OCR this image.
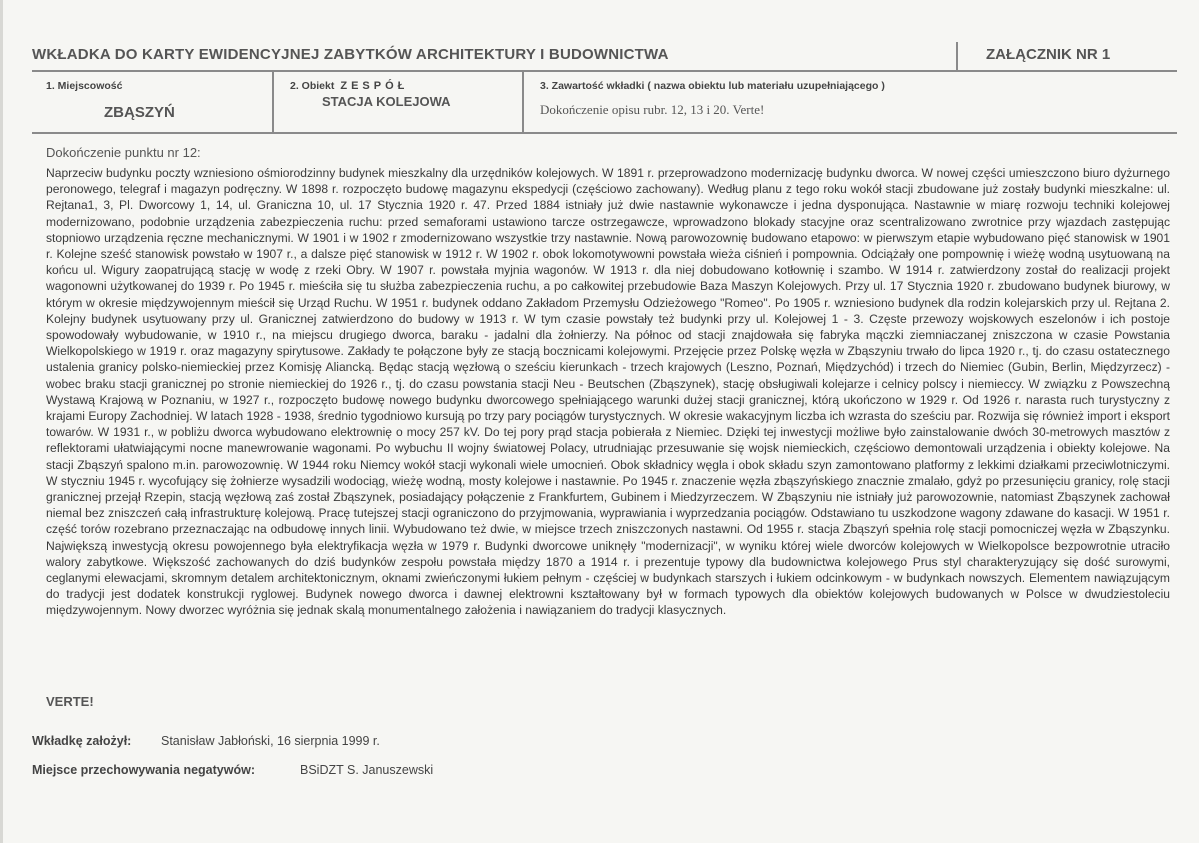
WKŁADKA DO KARTY EWIDENCYJNEJ ZABYTKÓW ARCHITEKTURY I BUDOWNICTWA	ZAŁĄCZNIK NR 1
1. Miejscowość
ZBĄSZYŃ
2. Obiekt ZESPÓŁ
STACJA KOLEJOWA
3. Zawartość wkładki ( nazwa obiektu lub materiału uzupełniającego )
Dokończenie opisu rubr. 12, 13 i 20. Verte!
Dokończenie punktu nr 12:
Naprzeciw budynku poczty wzniesiono ośmiorodzinny budynek mieszkalny dla urzędników kolejowych. W 1891 r. przeprowadzono modernizację budynku dworca. W nowej części umieszczono biuro dyżurnego peronowego, telegraf i magazyn podręczny. W 1898 r. rozpoczęto budowę magazynu ekspedycji (częściowo zachowany). Według planu z tego roku wokół stacji zbudowane już zostały budynki mieszkalne: ul. Rejtana1, 3, Pl. Dworcowy 1, 14, ul. Graniczna 10, ul. 17 Stycznia 1920 r. 47. Przed 1884 istniały już dwie nastawnie wykonawcze i jedna dysponująca. Nastawnie w miarę rozwoju techniki kolejowej modernizowano, podobnie urządzenia zabezpieczenia ruchu: przed semaforami ustawiono tarcze ostrzegawcze, wprowadzono blokady stacyjne oraz scentralizowano zwrotnice przy wjazdach zastępując stopniowo urządzenia ręczne mechanicznymi. W 1901 i w 1902 r zmodernizowano wszystkie trzy nastawnie. Nową parowozownię budowano etapowo: w pierwszym etapie wybudowano pięć stanowisk w 1901 r. Kolejne sześć stanowisk powstało w 1907 r., a dalsze pięć stanowisk w 1912 r. W 1902 r. obok lokomotywowni powstała wieża ciśnień i pompownia. Odciążały one pompownię i wieżę wodną usytuowaną na końcu ul. Wigury zaopatrującą stację w wodę z rzeki Obry. W 1907 r. powstała myjnia wagonów. W 1913 r. dla niej dobudowano kotłownię i szambo. W 1914 r. zatwierdzony został do realizacji projekt wagonowni użytkowanej do 1939 r. Po 1945 r. mieściła się tu służba zabezpieczenia ruchu, a po całkowitej przebudowie Baza Maszyn Kolejowych. Przy ul. 17 Stycznia 1920 r. zbudowano budynek biurowy, w którym w okresie międzywojennym mieścił się Urząd Ruchu. W 1951 r. budynek oddano Zakładom Przemysłu Odzieżowego "Romeo". Po 1905 r. wzniesiono budynek dla rodzin kolejarskich przy ul. Rejtana 2. Kolejny budynek usytuowany przy ul. Granicznej zatwierdzono do budowy w 1913 r. W tym czasie powstały też budynki przy ul. Kolejowej 1 - 3. Częste przewozy wojskowych eszelonów i ich postoje spowodowały wybudowanie, w 1910 r., na miejscu drugiego dworca, baraku - jadalni dla żołnierzy. Na północ od stacji znajdowała się fabryka mączki ziemniaczanej zniszczona w czasie Powstania Wielkopolskiego w 1919 r. oraz magazyny spirytusowe. Zakłady te połączone były ze stacją bocznicami kolejowymi. Przejęcie przez Polskę węzła w Zbąszyniu trwało do lipca 1920 r., tj. do czasu ostatecznego ustalenia granicy polsko-niemieckiej przez Komisję Aliancką. Będąc stacją węzłową o sześciu kierunkach - trzech krajowych (Leszno, Poznań, Międzychód) i trzech do Niemiec (Gubin, Berlin, Międzyrzecz) - wobec braku stacji granicznej po stronie niemieckiej do 1926 r., tj. do czasu powstania stacji Neu - Beutschen (Zbąszynek), stację obsługiwali kolejarze i celnicy polscy i niemieccy. W związku z Powszechną Wystawą Krajową w Poznaniu, w 1927 r., rozpoczęto budowę nowego budynku dworcowego spełniającego warunki dużej stacji granicznej, którą ukończono w 1929 r. Od 1926 r. narasta ruch turystyczny z krajami Europy Zachodniej. W latach 1928 - 1938, średnio tygodniowo kursują po trzy pary pociągów turystycznych. W okresie wakacyjnym liczba ich wzrasta do sześciu par. Rozwija się również import i eksport towarów. W 1931 r., w pobliżu dworca wybudowano elektrownię o mocy 257 kV. Do tej pory prąd stacja pobierała z Niemiec. Dzięki tej inwestycji możliwe było zainstalowanie dwóch 30-metrowych masztów z reflektorami ułatwiającymi nocne manewrowanie wagonami. Po wybuchu II wojny światowej Polacy, utrudniając przesuwanie się wojsk niemieckich, częściowo demontowali urządzenia i obiekty kolejowe. Na stacji Zbąszyń spalono m.in. parowozownię. W 1944 roku Niemcy wokół stacji wykonali wiele umocnień. Obok składnicy węgla i obok składu szyn zamontowano platformy z lekkimi działkami przeciwlotniczymi. W styczniu 1945 r. wycofujący się żołnierze wysadzili wodociąg, wieżę wodną, mosty kolejowe i nastawnie. Po 1945 r. znaczenie węzła zbąszyńskiego znacznie zmalało, gdyż po przesunięciu granicy, rolę stacji granicznej przejął Rzepin, stacją węzłową zaś został Zbąszynek, posiadający połączenie z Frankfurtem, Gubinem i Miedzyrzeczem. W Zbąszyniu nie istniały już parowozownie, natomiast Zbąszynek zachował niemal bez zniszczeń całą infrastrukturę kolejową. Pracę tutejszej stacji ograniczono do przyjmowania, wyprawiania i wyprzedzania pociągów. Odstawiano tu uszkodzone wagony zdawane do kasacji. W 1951 r. część torów rozebrano przeznaczając na odbudowę innych linii. Wybudowano też dwie, w miejsce trzech zniszczonych nastawni. Od 1955 r. stacja Zbąszyń spełnia rolę stacji pomocniczej węzła w Zbąszynku. Największą inwestycją okresu powojennego była elektryfikacja węzła w 1979 r. Budynki dworcowe uniknęły "modernizacji", w wyniku której wiele dworców kolejowych w Wielkopolsce bezpowrotnie utraciło walory zabytkowe. Większość zachowanych do dziś budynków zespołu powstała między 1870 a 1914 r. i prezentuje typowy dla budownictwa kolejowego Prus styl charakteryzujący się dość surowymi, ceglanymi elewacjami, skromnym detalem architektonicznym, oknami zwieńczonymi łukiem pełnym - częściej w budynkach starszych i łukiem odcinkowym - w budynkach nowszych. Elementem nawiązującym do tradycji jest dodatek konstrukcji ryglowej. Budynek nowego dworca i dawnej elektrowni kształtowany był w formach typowych dla obiektów kolejowych budowanych w Polsce w dwudziestoleciu międzywojennym. Nowy dworzec wyróżnia się jednak skalą monumentalnego założenia i nawiązaniem do tradycji klasycznych.
VERTE!
Wkładkę założył: Stanisław Jabłoński, 16 sierpnia 1999 r.
Miejsce przechowywania negatywów:	BSiDZT S. Januszewski
